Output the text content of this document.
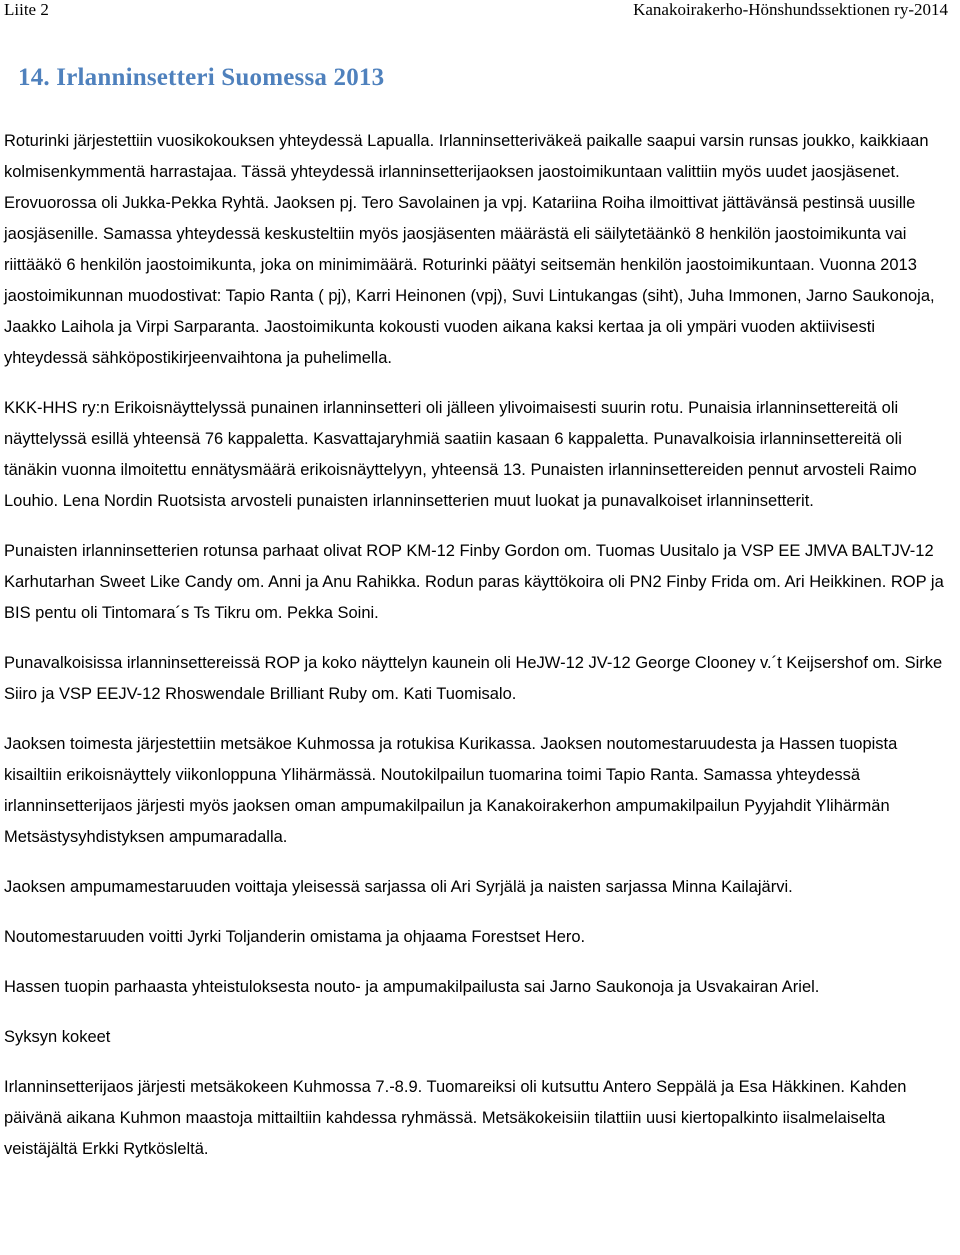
Liite 2	Kanakoirakerho-Hönshundssektionen ry-2014
14. Irlanninsetteri Suomessa 2013

Roturinki järjestettiin vuosikokouksen yhteydessä Lapualla. Irlanninsetteriväkeä paikalle saapui varsin runsas joukko, kaikkiaan kolmisenkymmentä harrastajaa. Tässä yhteydessä irlanninsetterijaoksen jaostoimikuntaan valittiin myös uudet jaosjäsenet. Erovuorossa oli Jukka-Pekka Ryhtä. Jaoksen pj. Tero Savolainen ja vpj. Katariina Roiha ilmoittivat jättävänsä pestinsä uusille jaosjäsenille. Samassa yhteydessä keskusteltiin myös jaosjäsenten määrästä eli säilytetäänkö 8 henkilön jaostoimikunta vai riittääkö 6 henkilön jaostoimikunta, joka on minimimäärä. Roturinki päätyi seitsemän henkilön jaostoimikuntaan. Vuonna 2013 jaostoimikunnan muodostivat: Tapio Ranta ( pj), Karri Heinonen (vpj), Suvi Lintukangas (siht), Juha Immonen, Jarno Saukonoja, Jaakko Laihola ja Virpi Sarparanta. Jaostoimikunta kokousti vuoden aikana kaksi kertaa ja oli ympäri vuoden aktiivisesti yhteydessä sähköpostikirjeenvaihtona ja puhelimella.

KKK-HHS ry:n Erikoisnäyttelyssä punainen irlanninsetteri oli jälleen ylivoimaisesti suurin rotu. Punaisia irlanninsettereitä oli näyttelyssä esillä yhteensä 76 kappaletta. Kasvattajaryhmiä saatiin kasaan 6 kappaletta. Punavalkoisia irlanninsettereitä oli tänäkin vuonna ilmoitettu ennätysmäärä erikoisnäyttelyyn, yhteensä 13. Punaisten irlanninsettereiden pennut arvosteli Raimo Louhio. Lena Nordin Ruotsista arvosteli punaisten irlanninsetterien muut luokat ja punavalkoiset irlanninsetterit.

Punaisten irlanninsetterien rotunsa parhaat olivat ROP KM-12 Finby Gordon om. Tuomas Uusitalo ja VSP EE JMVA BALTJV-12 Karhutarhan Sweet Like Candy om. Anni ja Anu Rahikka. Rodun paras käyttökoira oli PN2 Finby Frida om. Ari Heikkinen. ROP ja BIS pentu oli Tintomara´s Ts Tikru om. Pekka Soini.

Punavalkoisissa irlanninsettereissä ROP ja koko näyttelyn kaunein oli HeJW-12 JV-12 George Clooney v.´t Keijsershof om. Sirke Siiro ja VSP EEJV-12 Rhoswendale Brilliant Ruby om. Kati Tuomisalo.

Jaoksen toimesta järjestettiin metsäkoe Kuhmossa ja rotukisa Kurikassa. Jaoksen noutomestaruudesta ja Hassen tuopista kisailtiin erikoisnäyttely viikonloppuna Ylihärmässä. Noutokilpailun tuomarina toimi Tapio Ranta. Samassa yhteydessä irlanninsetterijaos järjesti myös jaoksen oman ampumakilpailun ja Kanakoirakerhon ampumakilpailun Pyyjahdit Ylihärmän Metsästysyhdistyksen ampumaradalla.

Jaoksen ampumamestaruuden voittaja yleisessä sarjassa oli Ari Syrjälä ja naisten sarjassa Minna Kailajärvi.

Noutomestaruuden voitti Jyrki Toljanderin omistama ja ohjaama Forestset Hero.

Hassen tuopin parhaasta yhteistuloksesta nouto- ja ampumakilpailusta sai Jarno Saukonoja ja Usvakairan Ariel.

Syksyn kokeet

Irlanninsetterijaos järjesti metsäkokeen Kuhmossa 7.-8.9. Tuomareiksi oli kutsuttu Antero Seppälä ja Esa Häkkinen. Kahden päivänä aikana Kuhmon maastoja mittailtiin kahdessa ryhmässä. Metsäkokeisiin tilattiin uusi kiertopalkinto iisalmelaiselta veistäjältä Erkki Rytkösleltä.
